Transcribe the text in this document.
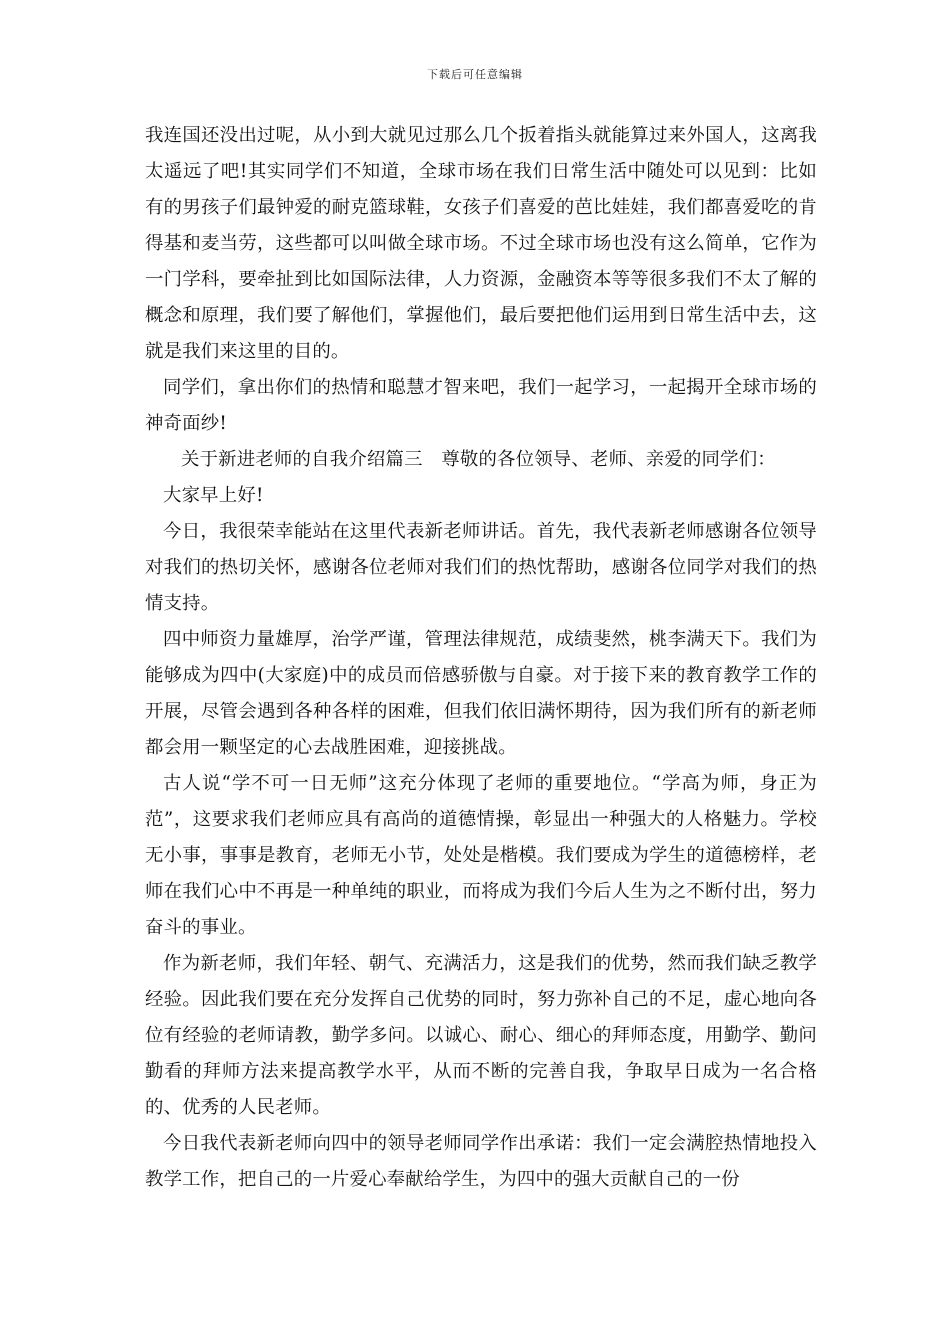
下载后可任意编辑

我连国还没出过呢，从小到大就见过那么几个扳着指头就能算过来外国人，这离我太遥远了吧!其实同学们不知道，全球市场在我们日常生活中随处可以见到：比如有的男孩子们最钟爱的耐克篮球鞋，女孩子们喜爱的芭比娃娃，我们都喜爱吃的肯得基和麦当劳，这些都可以叫做全球市场。不过全球市场也没有这么简单，它作为一门学科，要牵扯到比如国际法律，人力资源，金融资本等等很多我们不太了解的概念和原理，我们要了解他们，掌握他们，最后要把他们运用到日常生活中去，这就是我们来这里的目的。

同学们，拿出你们的热情和聪慧才智来吧，我们一起学习，一起揭开全球市场的神奇面纱!

关于新进老师的自我介绍篇三　尊敬的各位领导、老师、亲爱的同学们：

大家早上好!

今日，我很荣幸能站在这里代表新老师讲话。首先，我代表新老师感谢各位领导对我们的热切关怀，感谢各位老师对我们们的热忱帮助，感谢各位同学对我们的热情支持。

四中师资力量雄厚，治学严谨，管理法律规范，成绩斐然，桃李满天下。我们为能够成为四中(大家庭)中的成员而倍感骄傲与自豪。对于接下来的教育教学工作的开展，尽管会遇到各种各样的困难，但我们依旧满怀期待，因为我们所有的新老师都会用一颗坚定的心去战胜困难，迎接挑战。

古人说“学不可一日无师”这充分体现了老师的重要地位。“学高为师，身正为范”，这要求我们老师应具有高尚的道德情操，彰显出一种强大的人格魅力。学校无小事，事事是教育，老师无小节，处处是楷模。我们要成为学生的道德榜样，老师在我们心中不再是一种单纯的职业，而将成为我们今后人生为之不断付出，努力奋斗的事业。

作为新老师，我们年轻、朝气、充满活力，这是我们的优势，然而我们缺乏教学经验。因此我们要在充分发挥自己优势的同时，努力弥补自己的不足，虚心地向各位有经验的老师请教，勤学多问。以诚心、耐心、细心的拜师态度，用勤学、勤问勤看的拜师方法来提高教学水平，从而不断的完善自我，争取早日成为一名合格的、优秀的人民老师。

今日我代表新老师向四中的领导老师同学作出承诺：我们一定会满腔热情地投入教学工作，把自己的一片爱心奉献给学生，为四中的强大贡献自己的一份
